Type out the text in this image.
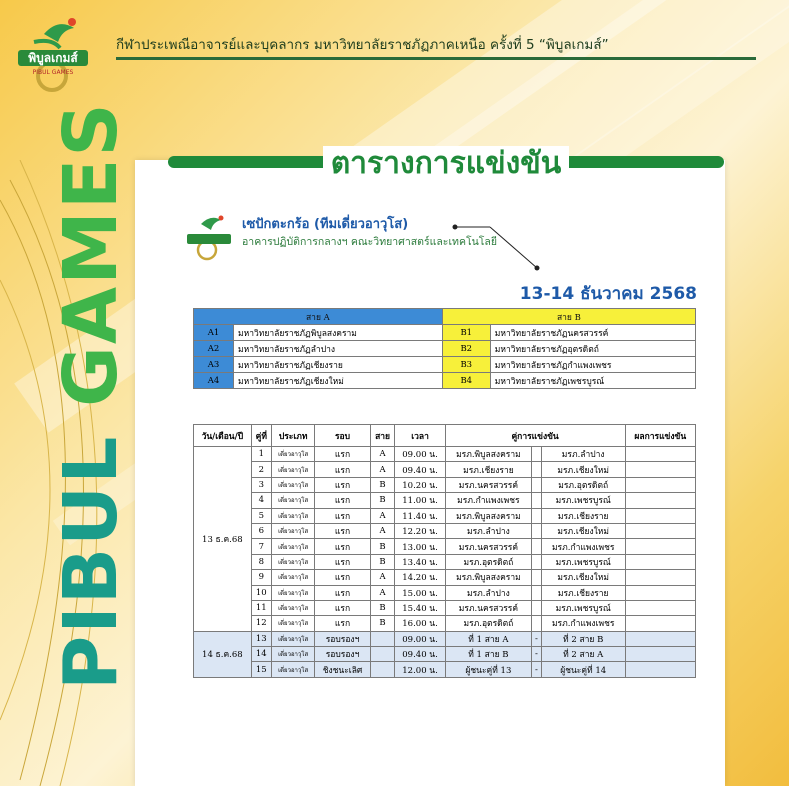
พิบูลเกมส์
PIBUL GAMES
กีฬาประเพณีอาจารย์และบุคลากร มหาวิทยาลัยราชภัฏภาคเหนือ ครั้งที่ 5 “พิบูลเกมส์”
PIBUL GAMES	ตารางการแข่งขัน
เซปักตะกร้อ (ทีมเดี่ยวอาวุโส)
อาคารปฏิบัติการกลางฯ คณะวิทยาศาสตร์และเทคโนโลยี
13-14 ธันวาคม 2568
สาย A		สาย B	
A1	มหาวิทยาลัยราชภัฏพิบูลสงคราม	B1	มหาวิทยาลัยราชภัฏนครสวรรค์
A2	มหาวิทยาลัยราชภัฏลำปาง	B2	มหาวิทยาลัยราชภัฏอุตรดิตถ์
A3	มหาวิทยาลัยราชภัฏเชียงราย	B3	มหาวิทยาลัยราชภัฏกำแพงเพชร
A4	มหาวิทยาลัยราชภัฏเชียงใหม่	B4	มหาวิทยาลัยราชภัฏเพชรบูรณ์
วัน/เดือน/ปี	คู่ที่	ประเภท	รอบ	สาย	เวลา	คู่การแข่งขัน			ผลการแข่งขัน
13 ธ.ค.68	1	เดี่ยวอาวุโส	แรก	A	09.00 น.	มรภ.พิบูลสงคราม		มรภ.ลำปาง	
	2	เดี่ยวอาวุโส	แรก	A	09.40 น.	มรภ.เชียงราย		มรภ.เชียงใหม่	
	3	เดี่ยวอาวุโส	แรก	B	10.20 น.	มรภ.นครสวรรค์		มรภ.อุตรดิตถ์	
	4	เดี่ยวอาวุโส	แรก	B	11.00 น.	มรภ.กำแพงเพชร		มรภ.เพชรบูรณ์	
	5	เดี่ยวอาวุโส	แรก	A	11.40 น.	มรภ.พิบูลสงคราม		มรภ.เชียงราย	
	6	เดี่ยวอาวุโส	แรก	A	12.20 น.	มรภ.ลำปาง		มรภ.เชียงใหม่	
	7	เดี่ยวอาวุโส	แรก	B	13.00 น.	มรภ.นครสวรรค์		มรภ.กำแพงเพชร	
	8	เดี่ยวอาวุโส	แรก	B	13.40 น.	มรภ.อุตรดิตถ์		มรภ.เพชรบูรณ์	
	9	เดี่ยวอาวุโส	แรก	A	14.20 น.	มรภ.พิบูลสงคราม		มรภ.เชียงใหม่	
	10	เดี่ยวอาวุโส	แรก	A	15.00 น.	มรภ.ลำปาง		มรภ.เชียงราย	
	11	เดี่ยวอาวุโส	แรก	B	15.40 น.	มรภ.นครสวรรค์		มรภ.เพชรบูรณ์	
	12	เดี่ยวอาวุโส	แรก	B	16.00 น.	มรภ.อุตรดิตถ์		มรภ.กำแพงเพชร	
14 ธ.ค.68	13	เดี่ยวอาวุโส	รอบรองฯ		09.00 น.	ที่ 1 สาย A	-	ที่ 2 สาย B	
	14	เดี่ยวอาวุโส	รอบรองฯ		09.40 น.	ที่ 1 สาย B	-	ที่ 2 สาย A	
	15	เดี่ยวอาวุโส	ชิงชนะเลิศ		12.00 น.	ผู้ชนะคู่ที่ 13	-	ผู้ชนะคู่ที่ 14	
